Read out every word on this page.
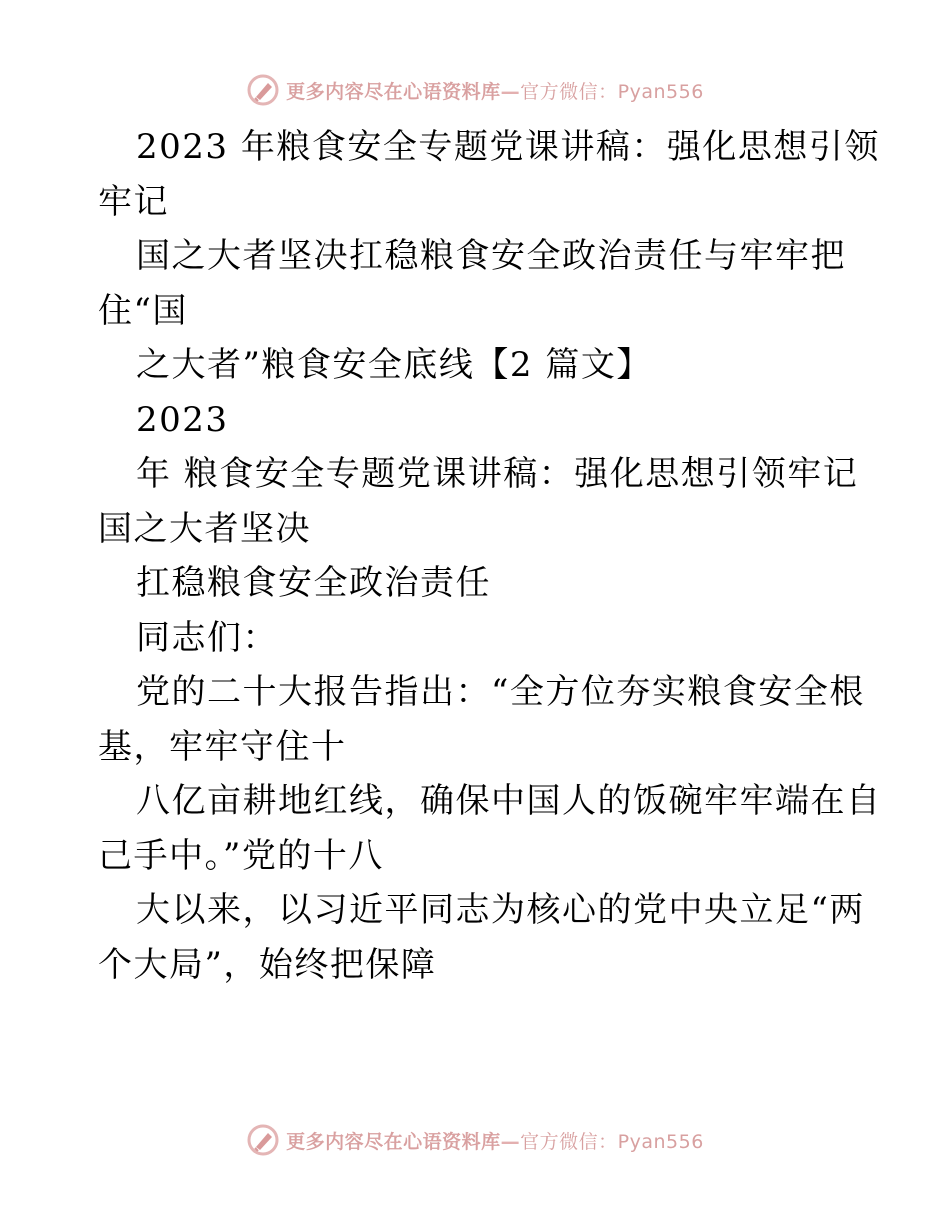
更多内容尽在心语资料库—官方微信：Pyan556
2023 年粮食安全专题党课讲稿：强化思想引领
牢记
国之大者坚决扛稳粮食安全政治责任与牢牢把
住“国
之大者”粮食安全底线【2 篇文】
2023
年 粮食安全专题党课讲稿：强化思想引领牢记
国之大者坚决
扛稳粮食安全政治责任
同志们：
党的二十大报告指出：“全方位夯实粮食安全根
基，牢牢守住十
八亿亩耕地红线，确保中国人的饭碗牢牢端在自
己手中。”党的十八
大以来，以习近平同志为核心的党中央立足“两
个大局”，始终把保障
更多内容尽在心语资料库—官方微信：Pyan556
